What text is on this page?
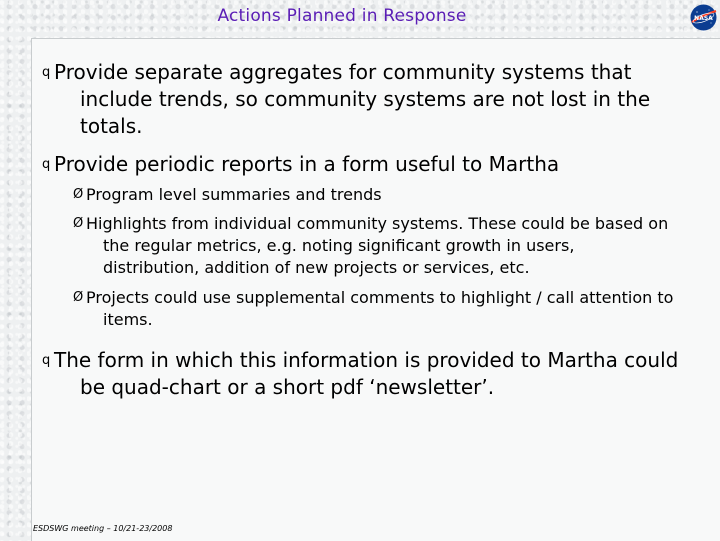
Actions Planned in Response	NASA
q Provide separate aggregates for community systems that include trends, so community systems are not lost in the totals.
q Provide periodic reports in a form useful to Martha
Ø Program level summaries and trends
Ø Highlights from individual community systems. These could be based on the regular metrics, e.g. noting significant growth in users, distribution, addition of new projects or services, etc.
Ø Projects could use supplemental comments to highlight / call attention to items.
q The form in which this information is provided to Martha could be quad-chart or a short pdf ‘newsletter’.
ESDSWG meeting – 10/21-23/2008
